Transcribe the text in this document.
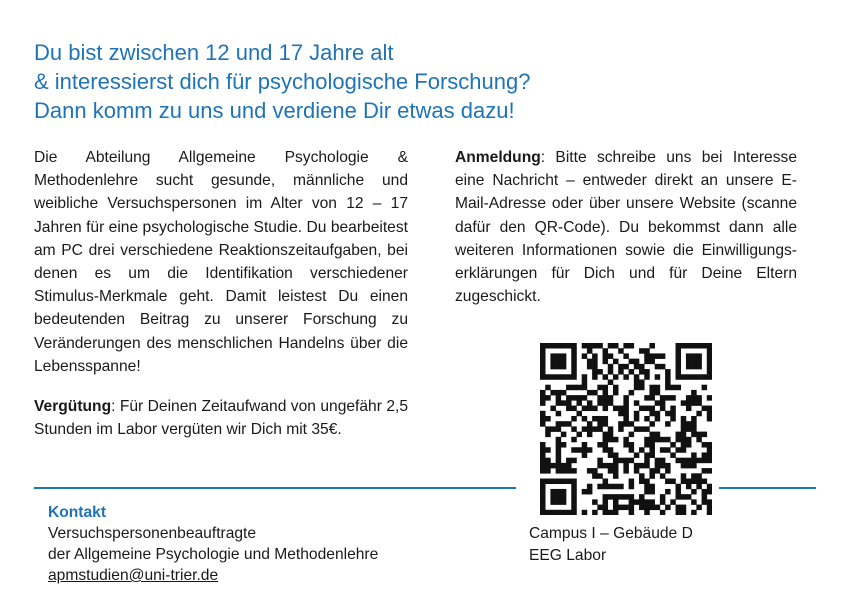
Du bist zwischen 12 und 17 Jahre alt
& interessierst dich für psychologische Forschung?
Dann komm zu uns und verdiene Dir etwas dazu!

Die Abteilung Allgemeine Psychologie & Methodenlehre sucht gesunde, männliche und weibliche Versuchspersonen im Alter von 12 – 17 Jahren für eine psychologische Studie. Du bearbeitest am PC drei verschiedene Reaktionszeitaufgaben, bei denen es um die Identifikation verschiedener Stimulus-Merkmale geht. Damit leistest Du einen bedeutenden Beitrag zu unserer Forschung zu Veränderungen des menschlichen Handelns über die Lebensspanne!

Vergütung: Für Deinen Zeitaufwand von ungefähr 2,5 Stunden im Labor vergüten wir Dich mit 35€.

Anmeldung: Bitte schreibe uns bei Interesse eine Nachricht – entweder direkt an unsere E-Mail-Adresse oder über unsere Website (scanne dafür den QR-Code). Du bekommst dann alle weiteren Informationen sowie die Einwilligungs-erklärungen für Dich und für Deine Eltern zugeschickt.

Kontakt
Versuchspersonenbeauftragte
der Allgemeine Psychologie und Methodenlehre
apmstudien@uni-trier.de
Campus I – Gebäude D
EEG Labor
